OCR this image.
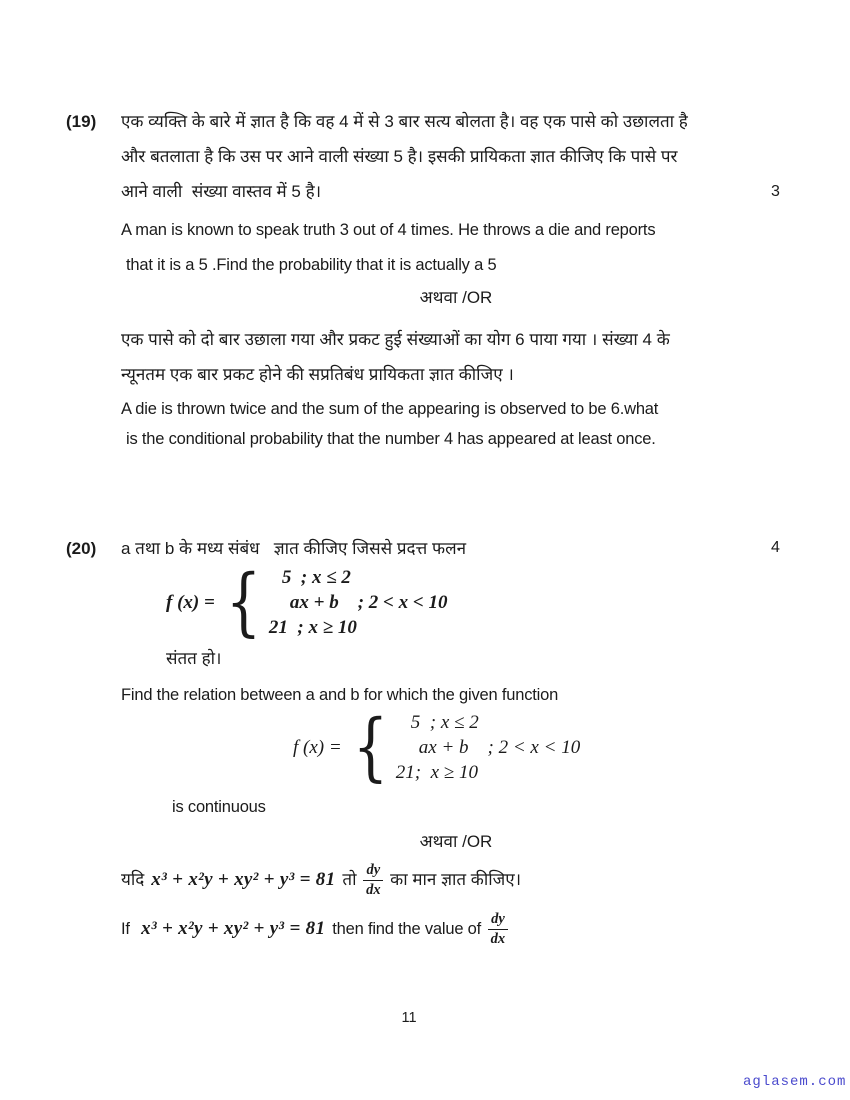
(19) एक व्यक्ति के बारे में ज्ञात है कि वह 4 में से 3 बार सत्य बोलता है। वह एक पासे को उछालता है
और बतलाता है कि उस पर आने वाली संख्या 5 है। इसकी प्रायिकता ज्ञात कीजिए कि पासे पर
आने वाली  संख्या वास्तव में 5 है।	3
A man is known to speak truth 3 out of 4 times. He throws a die and reports
that it is a 5 .Find the probability that it is actually a 5
अथवा /OR
एक पासे को दो बार उछाला गया और प्रकट हुई संख्याओं का योग 6 पाया गया । संख्या 4 के
न्यूनतम एक बार प्रकट होने की सप्रतिबंध प्रायिकता ज्ञात कीजिए ।
A die is thrown twice and the sum of the appearing is observed to be 6.what
is the conditional probability that the number 4 has appeared at least once.
(20) a तथा b के मध्य संबंध   ज्ञात कीजिए जिससे प्रदत्त फलन	4
f (x) = {	5  ; x ≤ 2
ax + b    ; 2 < x < 10
21  ; x ≥ 10
संतत हो।
Find the relation between a and b for which the given function
f (x) = {	5  ; x ≤ 2
ax + b    ; 2 < x < 10
21;  x ≥ 10
is continuous
अथवा /OR
यदि x³ + x²y + xy² + y³ = 81 तो $\frac{dy}{dx}$ का मान ज्ञात कीजिए।
If x³ + x²y + xy² + y³ = 81 then find the value of $\frac{dy}{dx}$
11
aglasem.com
